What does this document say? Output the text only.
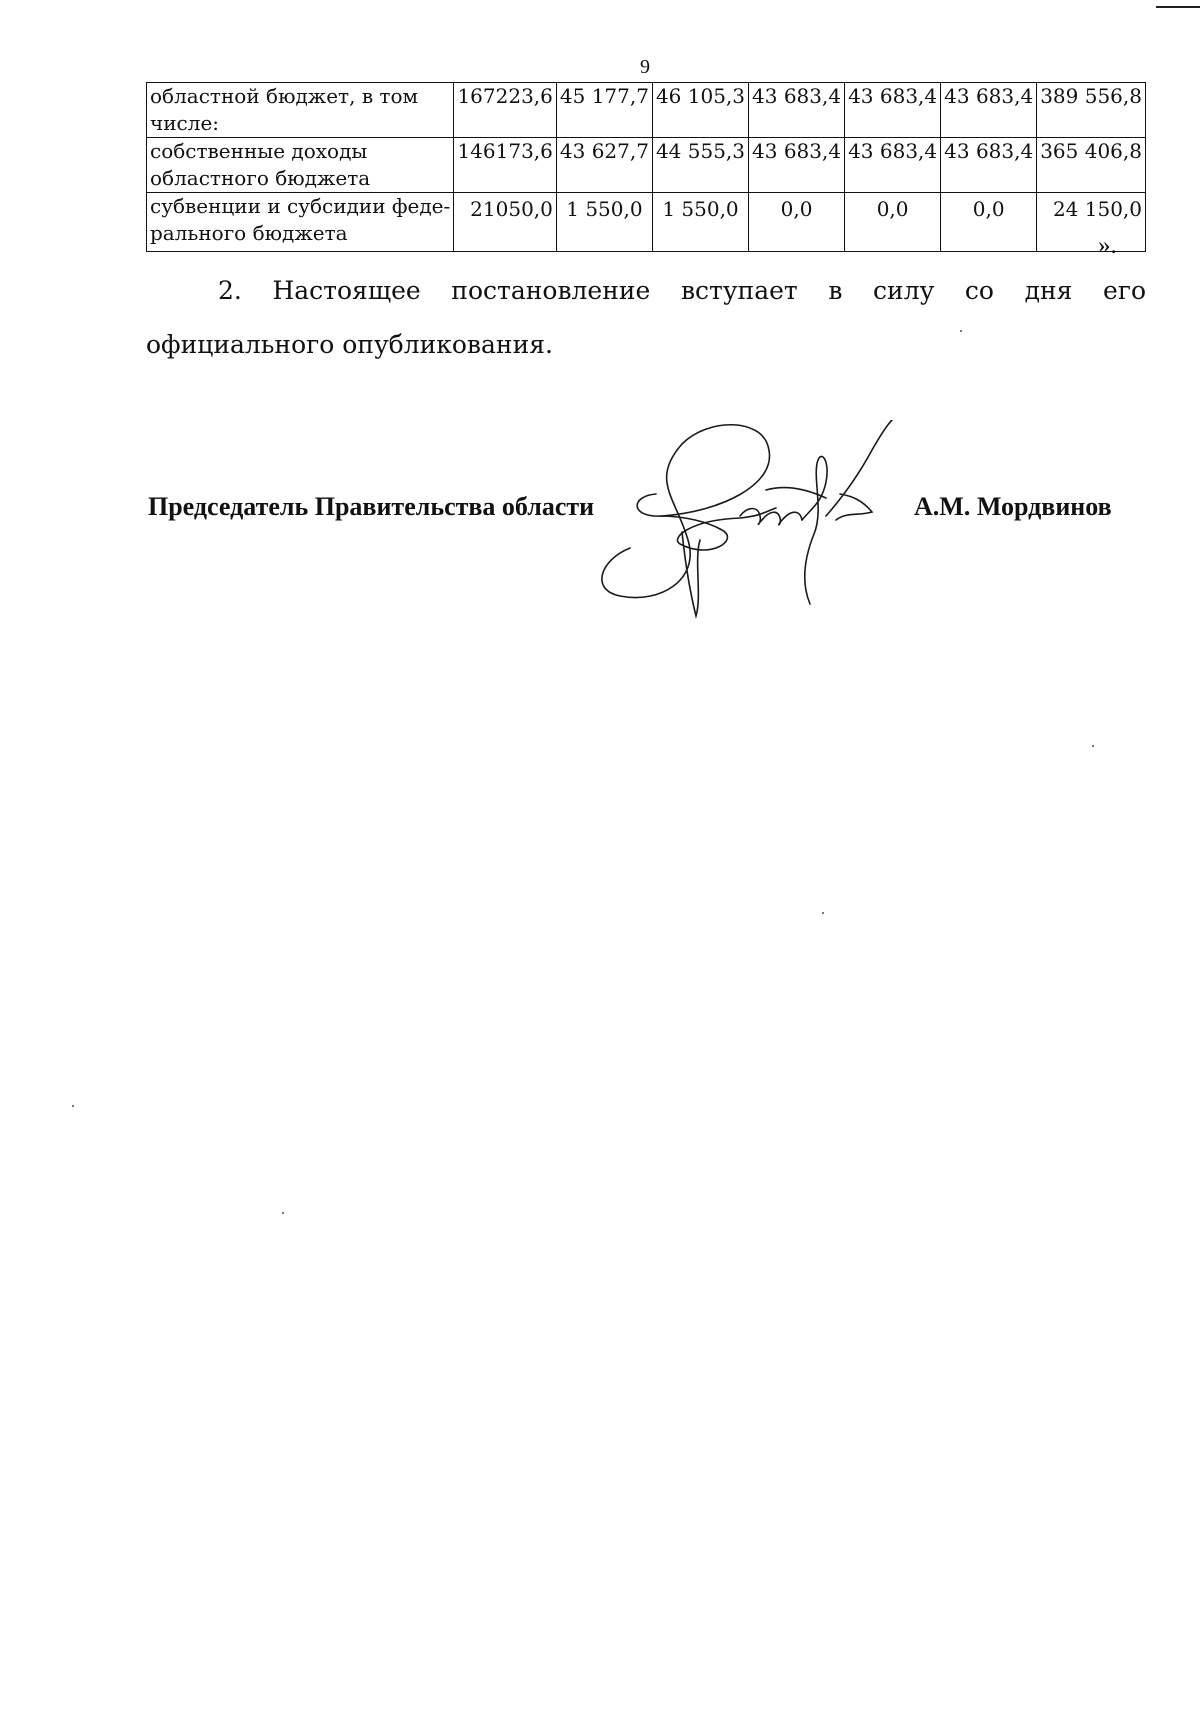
9
областной бюджет, в том числе:	167223,6	45 177,7	46 105,3	43 683,4	43 683,4	43 683,4	389 556,8
собственные доходы областного бюджета	146173,6	43 627,7	44 555,3	43 683,4	43 683,4	43 683,4	365 406,8
субвенции и субсидии феде-ральнoго бюджета	21050,0	1 550,0	1 550,0	0,0	0,0	0,0	24 150,0
».
2. Настоящее постановление вступает в силу со дня его официального опубликования.
Председатель Правительства области	А.М. Мордвинов
